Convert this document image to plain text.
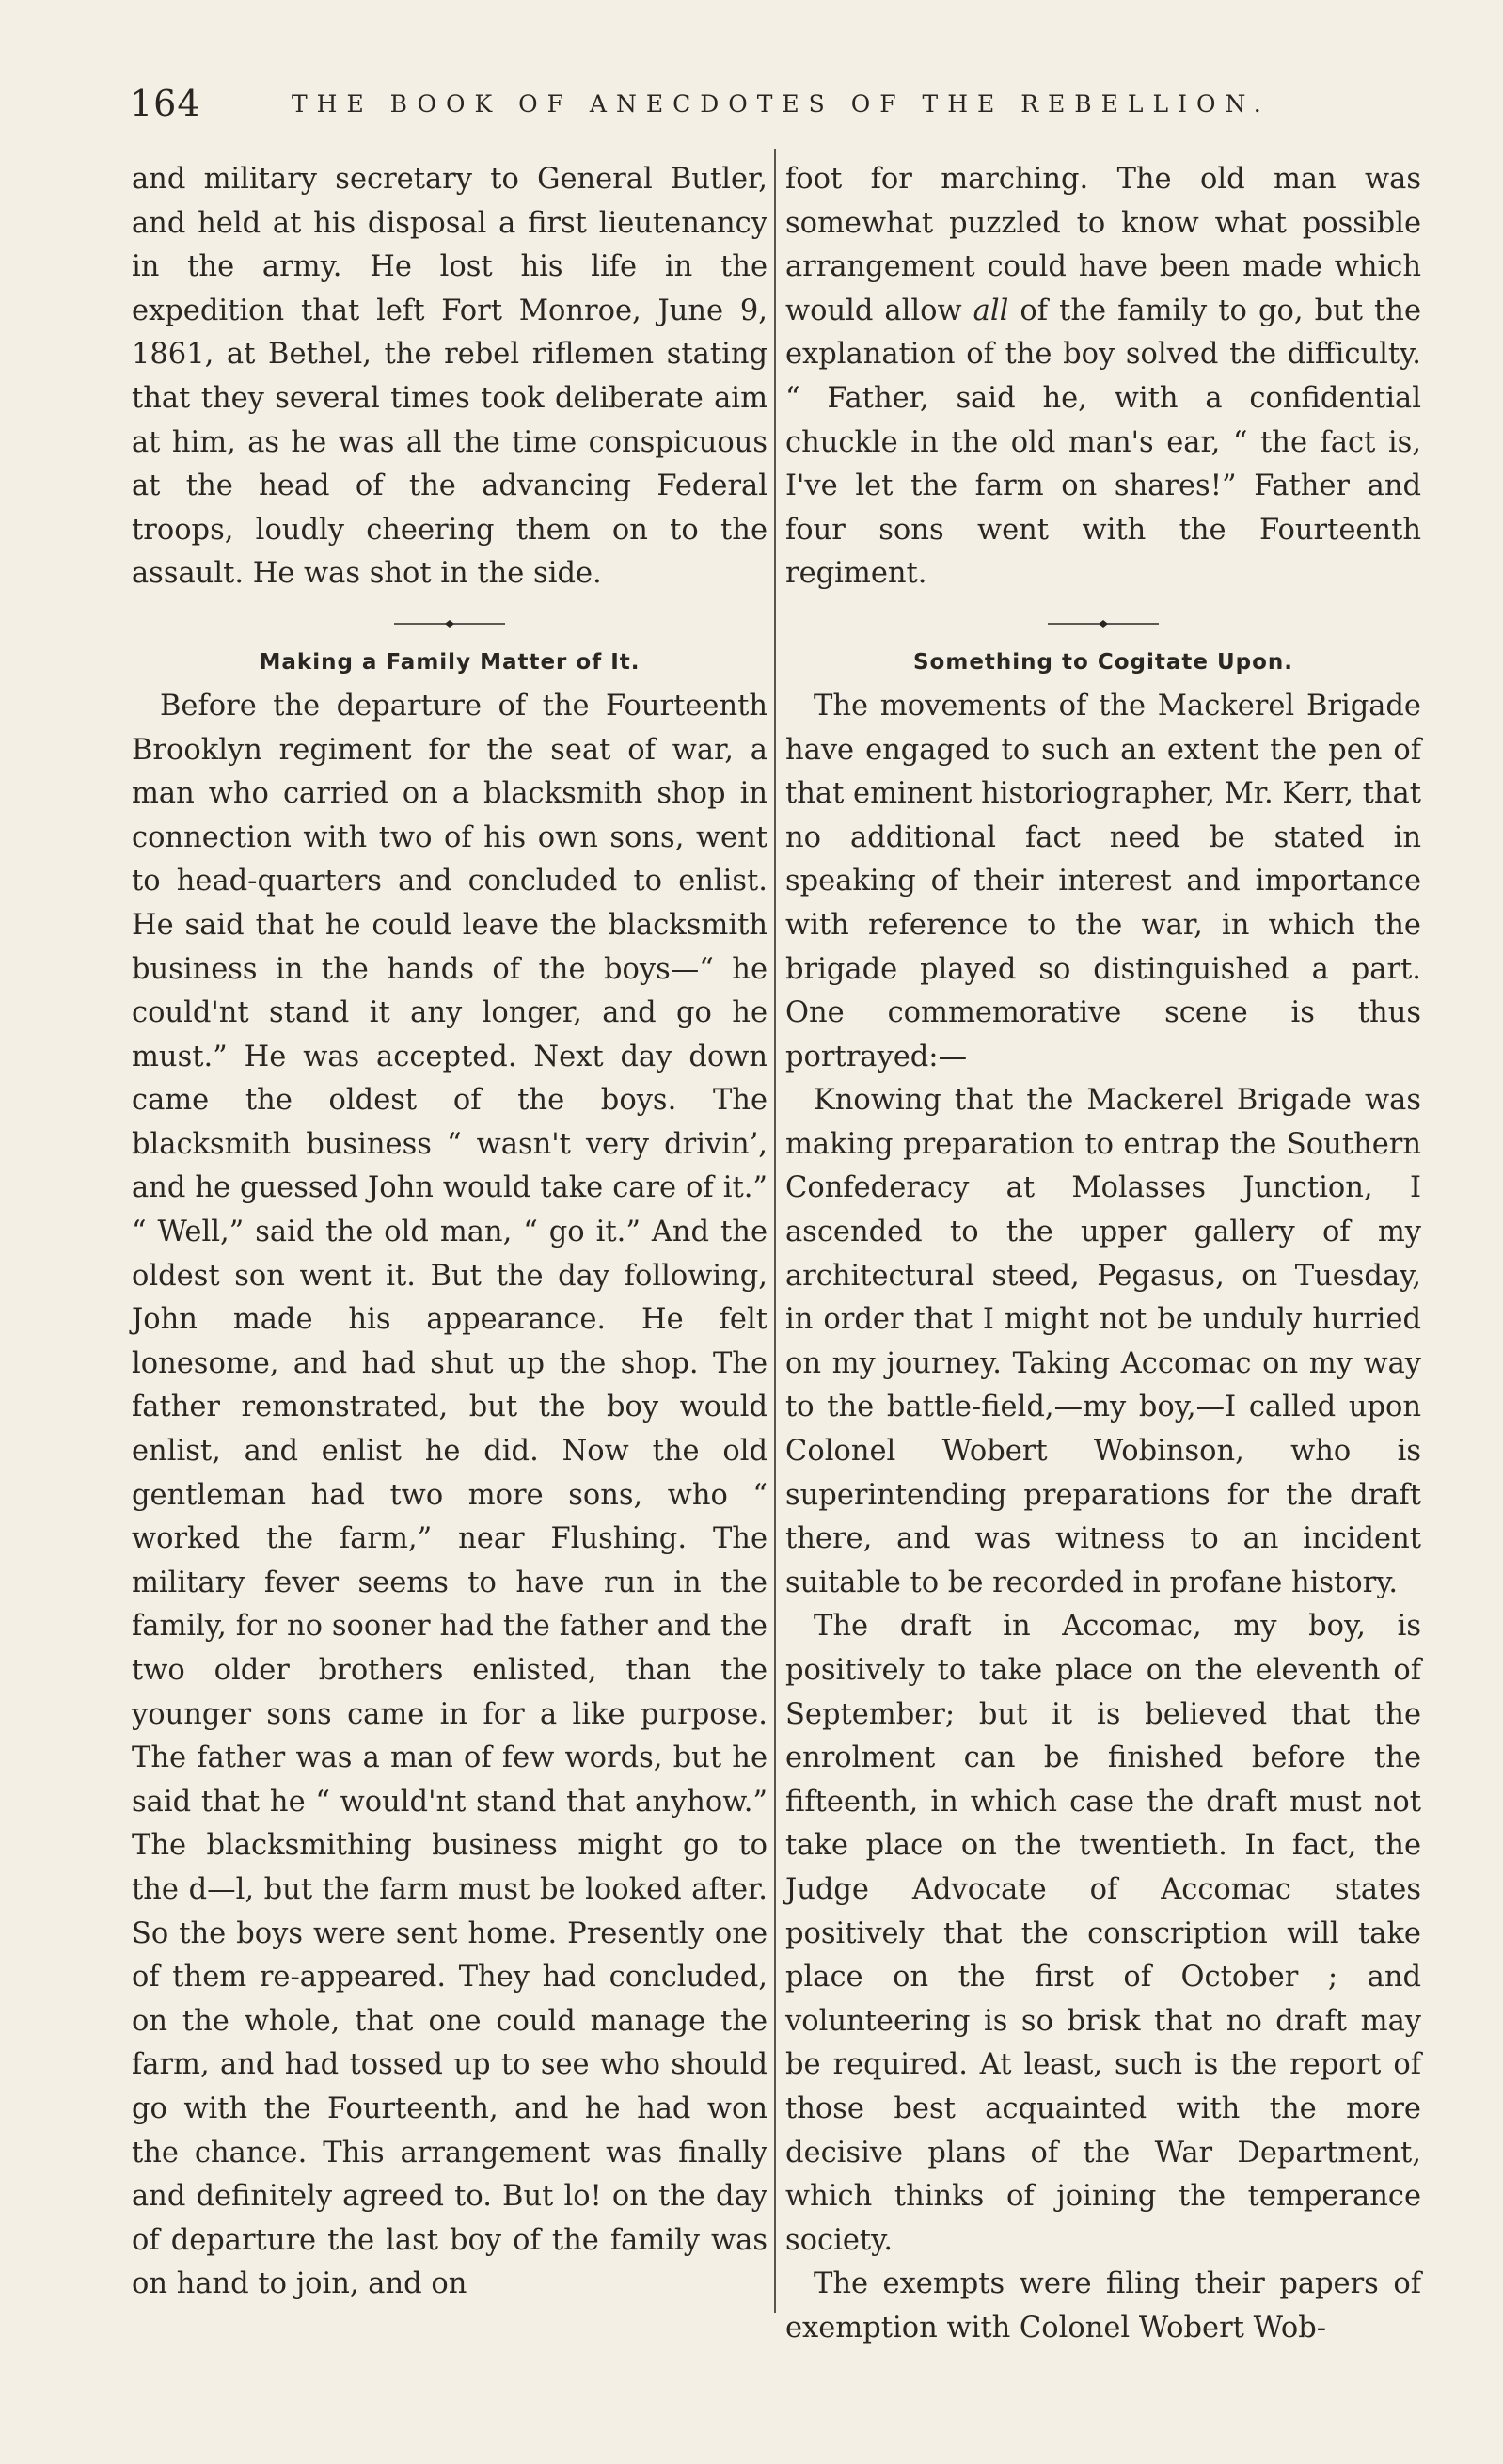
164	THE BOOK OF ANECDOTES OF THE REBELLION.

and military secretary to General Butler, and held at his disposal a first lieutenancy in the army. He lost his life in the expedition that left Fort Monroe, June 9, 1861, at Bethel, the rebel riflemen stating that they several times took deliberate aim at him, as he was all the time conspicuous at the head of the advancing Federal troops, loudly cheering them on to the assault. He was shot in the side.

Making a Family Matter of It.

Before the departure of the Fourteenth Brooklyn regiment for the seat of war, a man who carried on a blacksmith shop in connection with two of his own sons, went to head-quarters and concluded to enlist. He said that he could leave the blacksmith business in the hands of the boys—“ he could'nt stand it any longer, and go he must.” He was accepted. Next day down came the oldest of the boys. The blacksmith business “ wasn't very drivin’, and he guessed John would take care of it.” “ Well,” said the old man, “ go it.” And the oldest son went it. But the day following, John made his appearance. He felt lonesome, and had shut up the shop. The father remonstrated, but the boy would enlist, and enlist he did. Now the old gentleman had two more sons, who “ worked the farm,” near Flushing. The military fever seems to have run in the family, for no sooner had the father and the two older brothers enlisted, than the younger sons came in for a like purpose. The father was a man of few words, but he said that he “ would'nt stand that anyhow.” The blacksmithing business might go to the d—l, but the farm must be looked after. So the boys were sent home. Presently one of them re-appeared. They had concluded, on the whole, that one could manage the farm, and had tossed up to see who should go with the Fourteenth, and he had won the chance. This arrangement was finally and definitely agreed to. But lo! on the day of departure the last boy of the family was on hand to join, and on

foot for marching. The old man was somewhat puzzled to know what possible arrangement could have been made which would allow all of the family to go, but the explanation of the boy solved the difficulty. “ Father, said he, with a confidential chuckle in the old man's ear, “ the fact is, I've let the farm on shares!” Father and four sons went with the Fourteenth regiment.

Something to Cogitate Upon.

The movements of the Mackerel Brigade have engaged to such an extent the pen of that eminent historiographer, Mr. Kerr, that no additional fact need be stated in speaking of their interest and importance with reference to the war, in which the brigade played so distinguished a part. One commemorative scene is thus portrayed:—

Knowing that the Mackerel Brigade was making preparation to entrap the Southern Confederacy at Molasses Junction, I ascended to the upper gallery of my architectural steed, Pegasus, on Tuesday, in order that I might not be unduly hurried on my journey. Taking Accomac on my way to the battle-field,—my boy,—I called upon Colonel Wobert Wobinson, who is superintending preparations for the draft there, and was witness to an incident suitable to be recorded in profane history.

The draft in Accomac, my boy, is positively to take place on the eleventh of September; but it is believed that the enrolment can be finished before the fifteenth, in which case the draft must not take place on the twentieth. In fact, the Judge Advocate of Accomac states positively that the conscription will take place on the first of October ; and volunteering is so brisk that no draft may be required. At least, such is the report of those best acquainted with the more decisive plans of the War Department, which thinks of joining the temperance society.

The exempts were filing their papers of exemption with Colonel Wobert Wob-
